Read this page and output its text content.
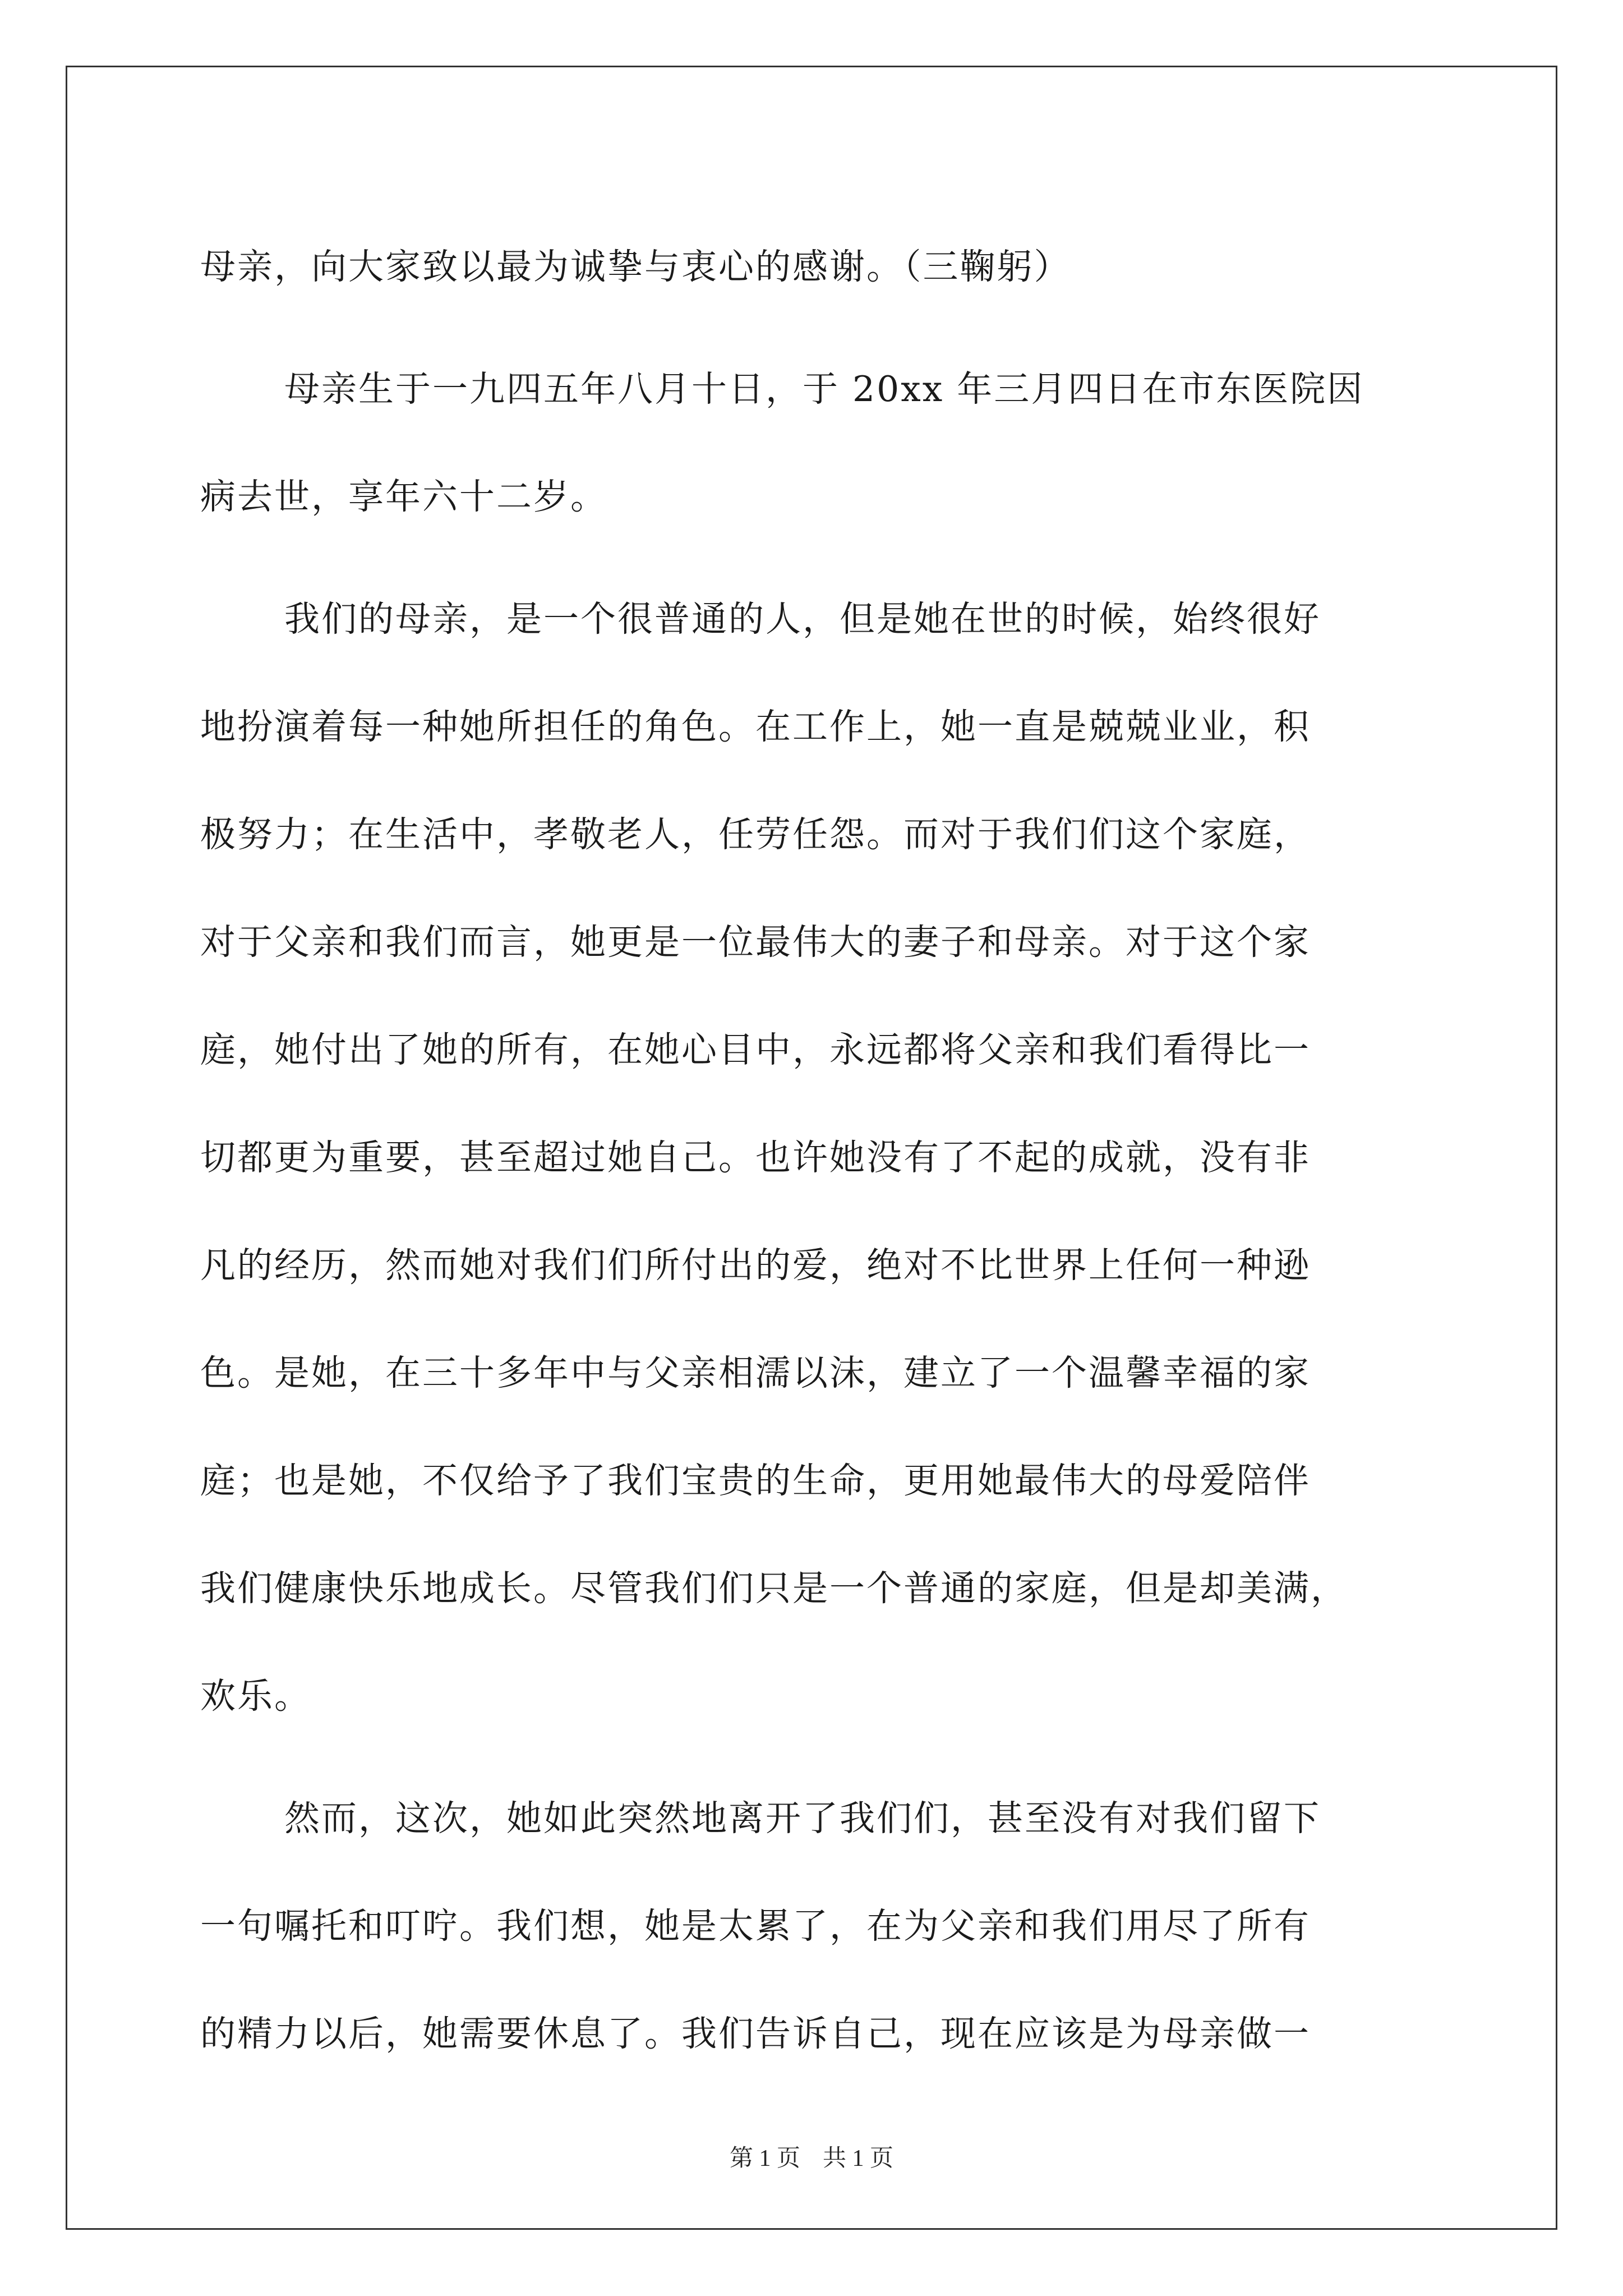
母亲，向大家致以最为诚挚与衷心的感谢。（三鞠躬）
母亲生于一九四五年八月十日，于 20xx 年三月四日在市东医院因
病去世，享年六十二岁。
我们的母亲，是一个很普通的人，但是她在世的时候，始终很好
地扮演着每一种她所担任的角色。在工作上，她一直是兢兢业业，积
极努力；在生活中，孝敬老人，任劳任怨。而对于我们们这个家庭，
对于父亲和我们而言，她更是一位最伟大的妻子和母亲。对于这个家
庭，她付出了她的所有，在她心目中，永远都将父亲和我们看得比一
切都更为重要，甚至超过她自己。也许她没有了不起的成就，没有非
凡的经历，然而她对我们们所付出的爱，绝对不比世界上任何一种逊
色。是她，在三十多年中与父亲相濡以沫，建立了一个温馨幸福的家
庭；也是她，不仅给予了我们宝贵的生命，更用她最伟大的母爱陪伴
我们健康快乐地成长。尽管我们们只是一个普通的家庭，但是却美满，
欢乐。
然而，这次，她如此突然地离开了我们们，甚至没有对我们留下
一句嘱托和叮咛。我们想，她是太累了，在为父亲和我们用尽了所有
的精力以后，她需要休息了。我们告诉自己，现在应该是为母亲做一
第 1 页 共 1 页
